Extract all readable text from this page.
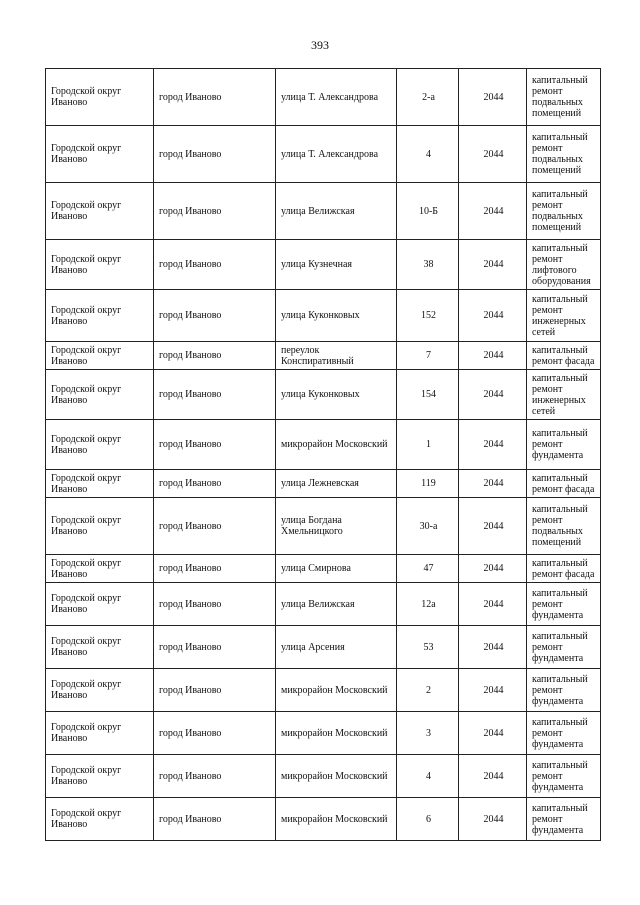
393
Городской округ Иваново	город Иваново	улица Т. Александрова	2-а	2044	капитальный ремонт подвальных помещений
Городской округ Иваново	город Иваново	улица Т. Александрова	4	2044	капитальный ремонт подвальных помещений
Городской округ Иваново	город Иваново	улица Велижская	10-Б	2044	капитальный ремонт подвальных помещений
Городской округ Иваново	город Иваново	улица Кузнечная	38	2044	капитальный ремонт лифтового оборудования
Городской округ Иваново	город Иваново	улица Куконковых	152	2044	капитальный ремонт инженерных сетей
Городской округ Иваново	город Иваново	переулок Конспиративный	7	2044	капитальный ремонт фасада
Городской округ Иваново	город Иваново	улица Куконковых	154	2044	капитальный ремонт инженерных сетей
Городской округ Иваново	город Иваново	микрорайон Московский	1	2044	капитальный ремонт фундамента
Городской округ Иваново	город Иваново	улица Лежневская	119	2044	капитальный ремонт фасада
Городской округ Иваново	город Иваново	улица Богдана Хмельницкого	30-а	2044	капитальный ремонт подвальных помещений
Городской округ Иваново	город Иваново	улица Смирнова	47	2044	капитальный ремонт фасада
Городской округ Иваново	город Иваново	улица Велижская	12а	2044	капитальный ремонт фундамента
Городской округ Иваново	город Иваново	улица Арсения	53	2044	капитальный ремонт фундамента
Городской округ Иваново	город Иваново	микрорайон Московский	2	2044	капитальный ремонт фундамента
Городской округ Иваново	город Иваново	микрорайон Московский	3	2044	капитальный ремонт фундамента
Городской округ Иваново	город Иваново	микрорайон Московский	4	2044	капитальный ремонт фундамента
Городской округ Иваново	город Иваново	микрорайон Московский	6	2044	капитальный ремонт фундамента
